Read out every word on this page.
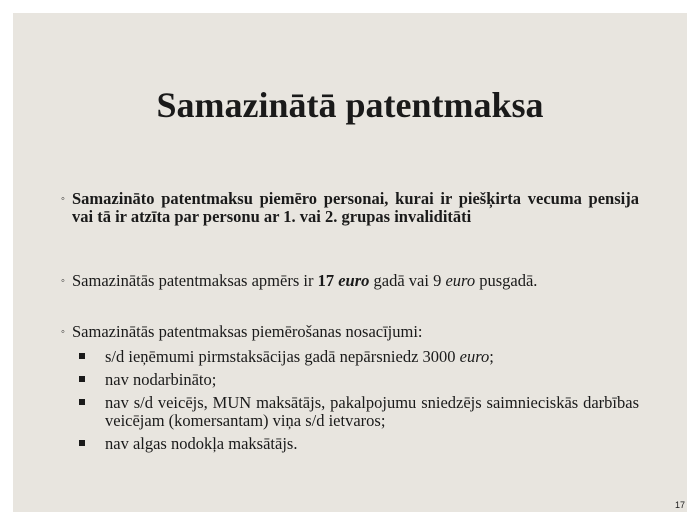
Samazinātā patentmaksa
◦ Samazināto patentmaksu piemēro personai, kurai ir piešķirta vecuma pensija vai tā ir atzīta par personu ar 1. vai 2. grupas invaliditāti
◦ Samazinātās patentmaksas apmērs ir 17 euro gadā vai 9 euro pusgadā.
◦ Samazinātās patentmaksas piemērošanas nosacījumi:
s/d ieņēmumi pirmstaksācijas gadā nepārsniedz 3000 euro;
nav nodarbināto;
nav s/d veicējs, MUN maksātājs, pakalpojumu sniedzējs saimnieciskās darbības veicējam (komersantam) viņa s/d ietvaros;
nav algas nodokļa maksātājs.
17
